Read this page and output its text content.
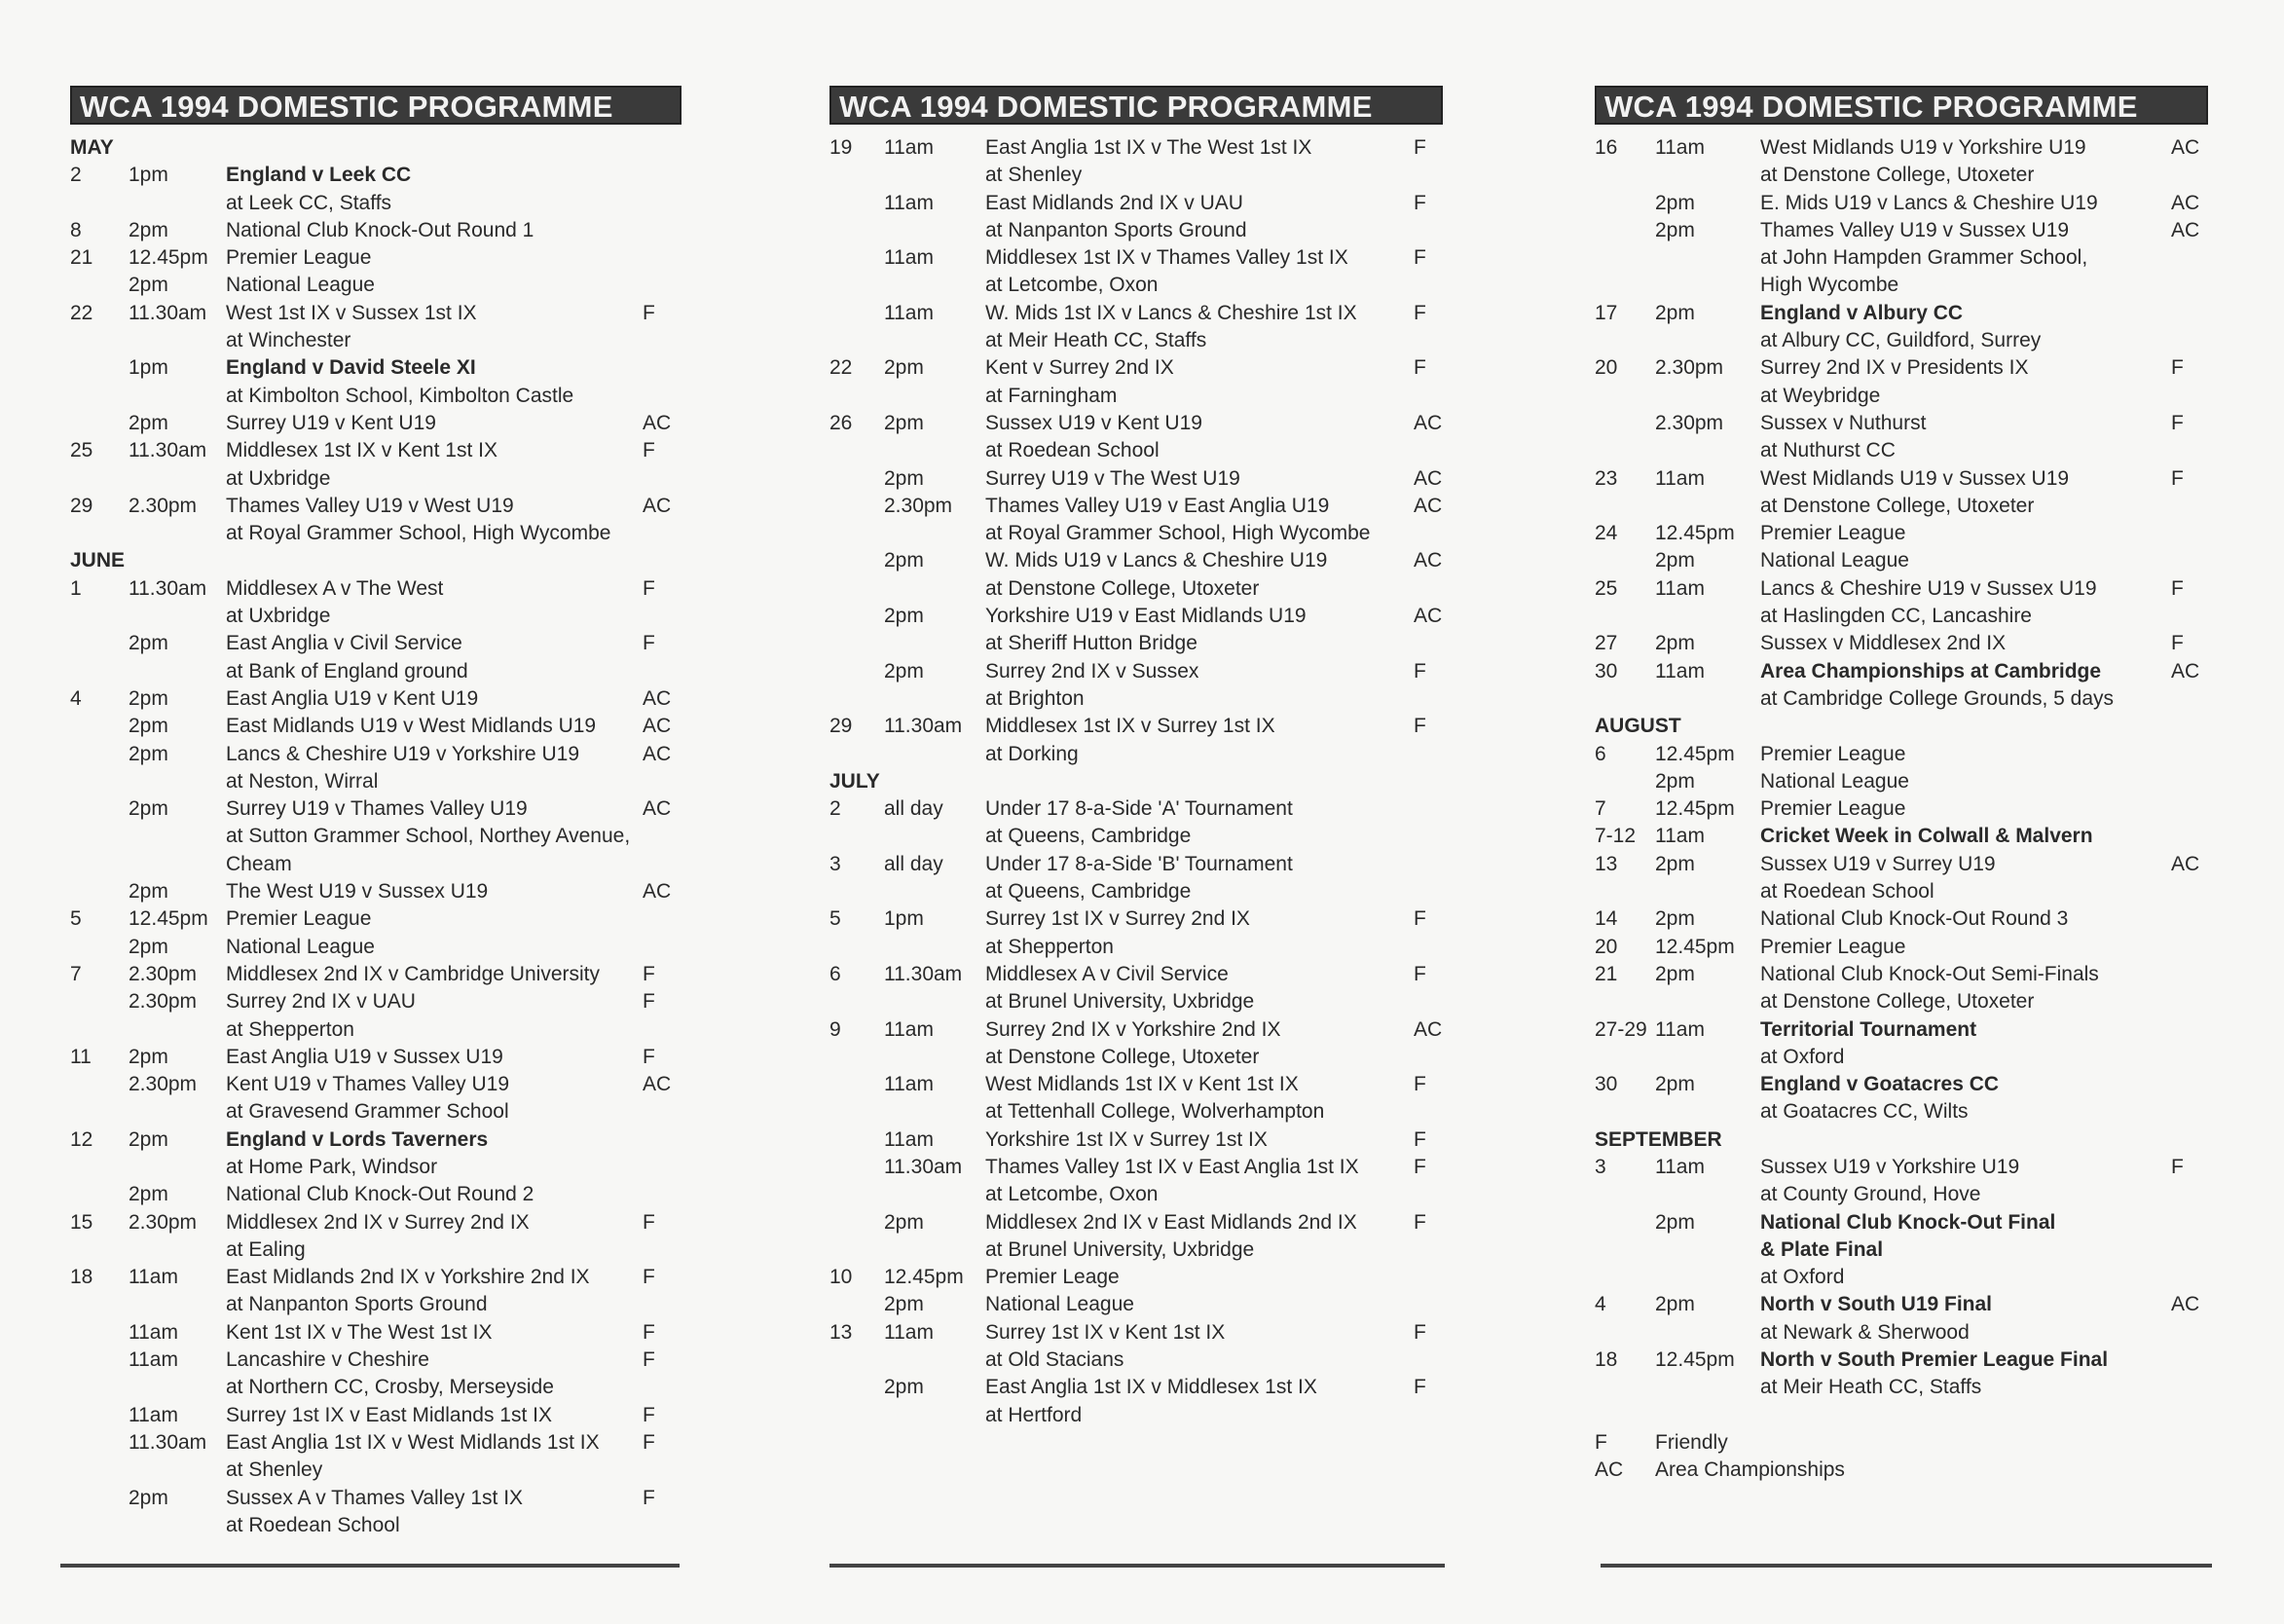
WCA 1994 DOMESTIC PROGRAMME
MAY
2	1pm	England v Leek CC
at Leek CC, Staffs
8	2pm	National Club Knock-Out Round 1
21	12.45pm Premier League
2pm	National League
22	11.30am West 1st IX v Sussex 1st IX	F
at Winchester
1pm	England v David Steele XI
at Kimbolton School, Kimbolton Castle
2pm	Surrey U19 v Kent U19	AC
25	11.30am Middlesex 1st IX v Kent 1st IX	F
at Uxbridge
29	2.30pm	Thames Valley U19 v West U19	AC
at Royal Grammer School, High Wycombe
JUNE
1	11.30am Middlesex A v The West	F
at Uxbridge
2pm	East Anglia v Civil Service	F
at Bank of England ground
4	2pm	East Anglia U19 v Kent U19	AC
2pm	East Midlands U19 v West Midlands U19	AC
2pm	Lancs & Cheshire U19 v Yorkshire U19	AC
at Neston, Wirral
2pm	Surrey U19 v Thames Valley U19	AC
at Sutton Grammer School, Northey Avenue,
Cheam
2pm	The West U19 v Sussex U19	AC
5	12.45pm Premier League
2pm	National League
7	2.30pm	Middlesex 2nd IX v Cambridge University	F
2.30pm	Surrey 2nd IX v UAU	F
at Shepperton
11	2pm	East Anglia U19 v Sussex U19	F
2.30pm	Kent U19 v Thames Valley U19	AC
at Gravesend Grammer School
12	2pm	England v Lords Taverners
at Home Park, Windsor
2pm	National Club Knock-Out Round 2
15	2.30pm	Middlesex 2nd IX v Surrey 2nd IX	F
at Ealing
18	11am	East Midlands 2nd IX v Yorkshire 2nd IX	F
at Nanpanton Sports Ground
11am	Kent 1st IX v The West 1st IX	F
11am	Lancashire v Cheshire	F
at Northern CC, Crosby, Merseyside
11am	Surrey 1st IX v East Midlands 1st IX	F
11.30am East Anglia 1st IX v West Midlands 1st IX	F
at Shenley
2pm	Sussex A v Thames Valley 1st IX	F
at Roedean School
WCA 1994 DOMESTIC PROGRAMME
19	11am	East Anglia 1st IX v The West 1st IX	F
at Shenley
11am	East Midlands 2nd IX v UAU	F
at Nanpanton Sports Ground
11am	Middlesex 1st IX v Thames Valley 1st IX	F
at Letcombe, Oxon
11am	W. Mids 1st IX v Lancs & Cheshire 1st IX	F
at Meir Heath CC, Staffs
22	2pm	Kent v Surrey 2nd IX	F
at Farningham
26	2pm	Sussex U19 v Kent U19	AC
at Roedean School
2pm	Surrey U19 v The West U19	AC
2.30pm	Thames Valley U19 v East Anglia U19	AC
at Royal Grammer School, High Wycombe
2pm	W. Mids U19 v Lancs & Cheshire U19	AC
at Denstone College, Utoxeter
2pm	Yorkshire U19 v East Midlands U19	AC
at Sheriff Hutton Bridge
2pm	Surrey 2nd IX v Sussex	F
at Brighton
29	11.30am	Middlesex 1st IX v Surrey 1st IX	F
at Dorking
JULY
2	all day	Under 17 8-a-Side 'A' Tournament
at Queens, Cambridge
3	all day	Under 17 8-a-Side 'B' Tournament
at Queens, Cambridge
5	1pm	Surrey 1st IX v Surrey 2nd IX	F
at Shepperton
6	11.30am	Middlesex A v Civil Service	F
at Brunel University, Uxbridge
9	11am	Surrey 2nd IX v Yorkshire 2nd IX	AC
at Denstone College, Utoxeter
11am	West Midlands 1st IX v Kent 1st IX	F
at Tettenhall College, Wolverhampton
11am	Yorkshire 1st IX v Surrey 1st IX	F
11.30am	Thames Valley 1st IX v East Anglia 1st IX	F
at Letcombe, Oxon
2pm	Middlesex 2nd IX v East Midlands 2nd IX	F
at Brunel University, Uxbridge
10	12.45pm	Premier Leage
2pm	National League
13	11am	Surrey 1st IX v Kent 1st IX	F
at Old Stacians
2pm	East Anglia 1st IX v Middlesex 1st IX	F
at Hertford
WCA 1994 DOMESTIC PROGRAMME
16	11am	West Midlands U19 v Yorkshire U19	AC
at Denstone College, Utoxeter
2pm	E. Mids U19 v Lancs & Cheshire U19	AC
2pm	Thames Valley U19 v Sussex U19	AC
at John Hampden Grammer School,
High Wycombe
17	2pm	England v Albury CC
at Albury CC, Guildford, Surrey
20	2.30pm	Surrey 2nd IX v Presidents IX	F
at Weybridge
2.30pm	Sussex v Nuthurst	F
at Nuthurst CC
23	11am	West Midlands U19 v Sussex U19	F
at Denstone College, Utoxeter
24	12.45pm	Premier League
2pm	National League
25	11am	Lancs & Cheshire U19 v Sussex U19	F
at Haslingden CC, Lancashire
27	2pm	Sussex v Middlesex 2nd IX	F
30	11am	Area Championships at Cambridge	AC
at Cambridge College Grounds, 5 days
AUGUST
6	12.45pm	Premier League
2pm	National League
7	12.45pm	Premier League
7-12 11am	Cricket Week in Colwall & Malvern
13	2pm	Sussex U19 v Surrey U19	AC
at Roedean School
14	2pm	National Club Knock-Out Round 3
20	12.45pm	Premier League
21	2pm	National Club Knock-Out Semi-Finals
at Denstone College, Utoxeter
27-29 11am	Territorial Tournament
at Oxford
30	2pm	England v Goatacres CC
at Goatacres CC, Wilts
SEPTEMBER
3	11am	Sussex U19 v Yorkshire U19	F
at County Ground, Hove
2pm	National Club Knock-Out Final
& Plate Final
at Oxford
4	2pm	North v South U19 Final	AC
at Newark & Sherwood
18	12.45pm	North v South Premier League Final
at Meir Heath CC, Staffs
F	Friendly
AC	Area Championships
